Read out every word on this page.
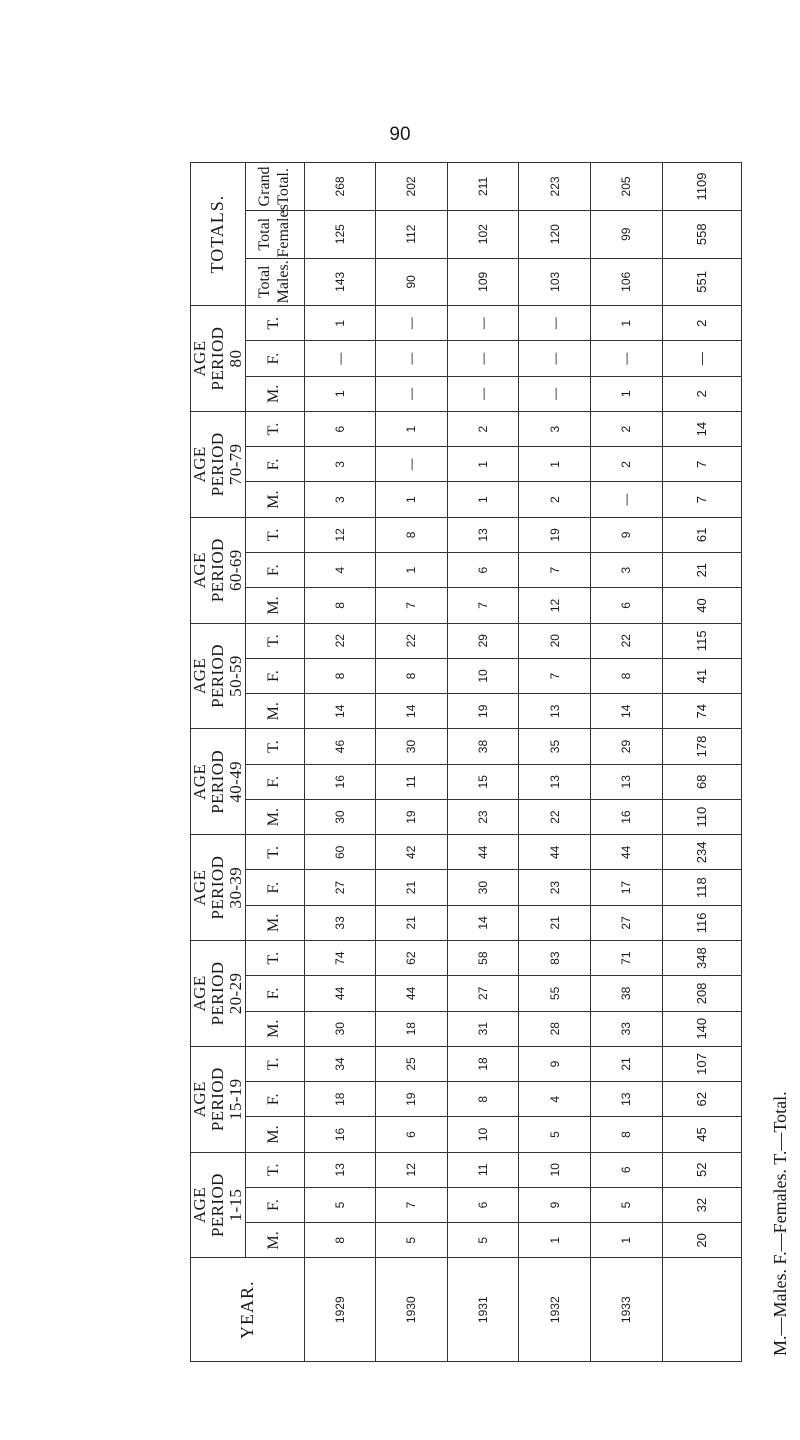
90
YEAR.	AGE
PERIOD
1-15			AGE
PERIOD
15-19			AGE
PERIOD
20-29			AGE
PERIOD
30-39			AGE
PERIOD
40-49			AGE
PERIOD
50-59			AGE
PERIOD
60-69			AGE
PERIOD
70-79			AGE
PERIOD
80			TOTALS.		
	M.	F.	T.	M.	F.	T.	M.	F.	T.	M.	F.	T.	M.	F.	T.	M.	F.	T.	M.	F.	T.	M.	F.	T.	M.	F.	T.	Total Males.	Total Females	Grand Total.

1929	8	5	13	16	18	34	30	44	74	33	27	60	30	16	46	14	8	22	8	4	12	3	3	6	1	—	1	143	125	268
1930	5	7	12	6	19	25	18	44	62	21	21	42	19	11	30	14	8	22	7	1	8	1	—	1	—	—	—	90	112	202
1931	5	6	11	10	8	18	31	27	58	14	30	44	23	15	38	19	10	29	7	6	13	1	1	2	—	—	—	109	102	211
1932	1	9	10	5	4	9	28	55	83	21	23	44	22	13	35	13	7	20	12	7	19	2	1	3	—	—	—	103	120	223
1933	1	5	6	8	13	21	33	38	71	27	17	44	16	13	29	14	8	22	6	3	9	—	2	2	1	—	1	106	99	205
	20	32	52	45	62	107	140	208	348	116	118	234	110	68	178	74	41	115	40	21	61	7	7	14	2	—	2	551	558	1109
M.—Males. F.—Females. T.—Total.
